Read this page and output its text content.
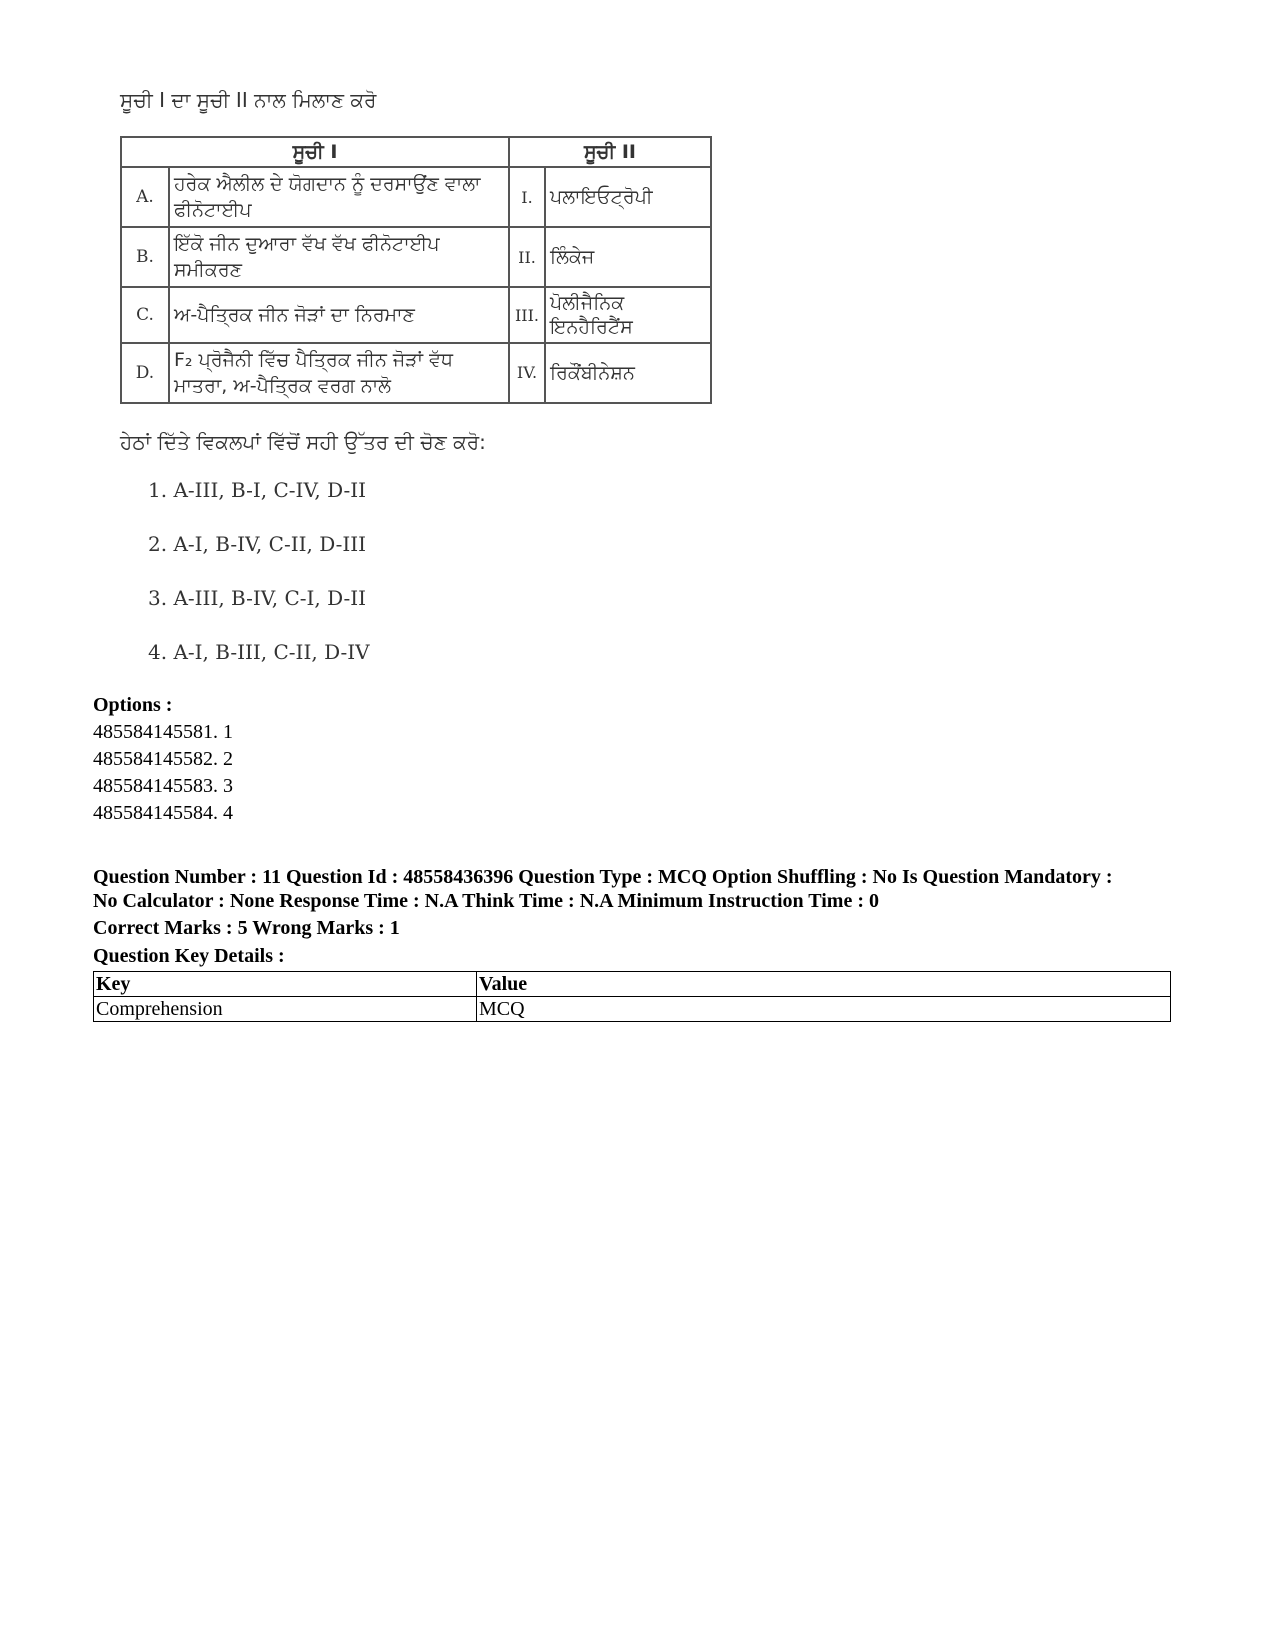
ਸੂਚੀ I ਦਾ ਸੂਚੀ II ਨਾਲ ਮਿਲਾਣ ਕਰੋ
ਸੂਚੀ I		ਸੂਚੀ II	
A.	ਹਰੇਕ ਐਲੀਲ ਦੇ ਯੋਗਦਾਨ ਨੂੰ ਦਰਸਾਉਂਣ ਵਾਲਾ ਫੀਨੋਟਾਈਪ	I.	ਪਲਾਇਓਟ੍ਰੋਪੀ
B.	ਇੱਕੋ ਜੀਨ ਦੁਆਰਾ ਵੱਖ ਵੱਖ ਫੀਨੋਟਾਈਪ ਸਮੀਕਰਣ	II.	ਲਿੰਕੇਜ
C.	ਅ-ਪੈਤ੍ਰਿਕ ਜੀਨ ਜੋੜਾਂ ਦਾ ਨਿਰਮਾਣ	III.	ਪੋਲੀਜੈਨਿਕ ਇਨਹੈਰਿਟੈਂਸ
D.	F₂ ਪ੍ਰੋਜੈਨੀ ਵਿੱਚ ਪੈਤ੍ਰਿਕ ਜੀਨ ਜੋੜਾਂ ਵੱਧ ਮਾਤਰਾ, ਅ-ਪੈਤ੍ਰਿਕ ਵਰਗ ਨਾਲੋ	IV.	ਰਿਕੌਂਬੀਨੇਸ਼ਨ
ਹੇਠਾਂ ਦਿੱਤੇ ਵਿਕਲਪਾਂ ਵਿੱਚੋਂ ਸਹੀ ਉੱਤਰ ਦੀ ਚੋਣ ਕਰੋ:
1. A-III, B-I, C-IV, D-II
2. A-I, B-IV, C-II, D-III
3. A-III, B-IV, C-I, D-II
4. A-I, B-III, C-II, D-IV
Options :
485584145581. 1
485584145582. 2
485584145583. 3
485584145584. 4
Question Number : 11 Question Id : 48558436396 Question Type : MCQ Option Shuffling : No Is Question Mandatory :
No Calculator : None Response Time : N.A Think Time : N.A Minimum Instruction Time : 0
Correct Marks : 5 Wrong Marks : 1
Question Key Details :
Key	Value
Comprehension	MCQ
